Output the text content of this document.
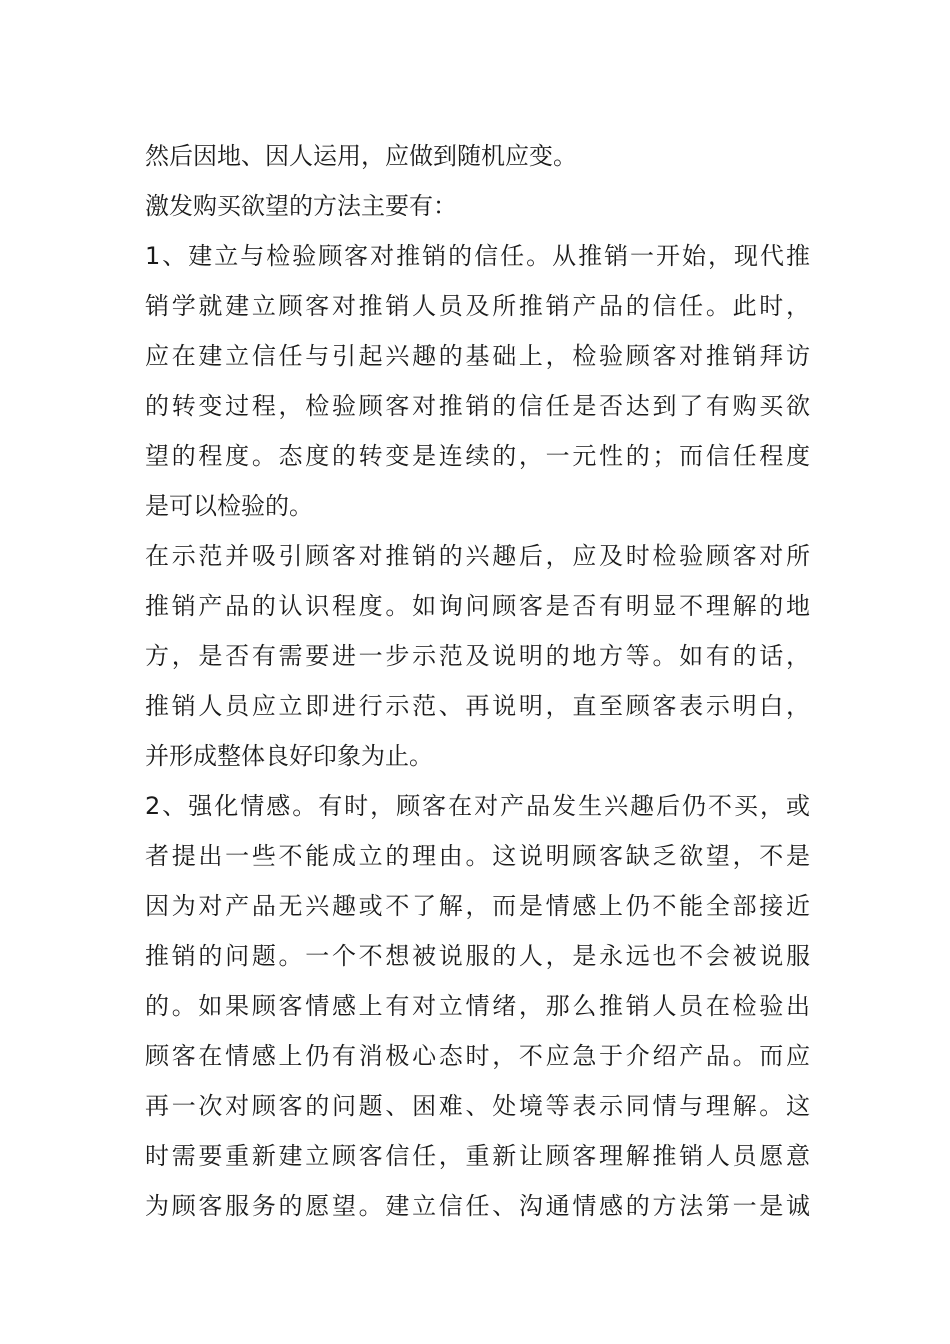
然后因地、因人运用，应做到随机应变。
激发购买欲望的方法主要有：
1、建立与检验顾客对推销的信任。从推销一开始，现代推
销学就建立顾客对推销人员及所推销产品的信任。此时，
应在建立信任与引起兴趣的基础上，检验顾客对推销拜访
的转变过程，检验顾客对推销的信任是否达到了有购买欲
望的程度。态度的转变是连续的，一元性的；而信任程度
是可以检验的。
在示范并吸引顾客对推销的兴趣后，应及时检验顾客对所
推销产品的认识程度。如询问顾客是否有明显不理解的地
方，是否有需要进一步示范及说明的地方等。如有的话，
推销人员应立即进行示范、再说明，直至顾客表示明白，
并形成整体良好印象为止。
2、强化情感。有时，顾客在对产品发生兴趣后仍不买，或
者提出一些不能成立的理由。这说明顾客缺乏欲望，不是
因为对产品无兴趣或不了解，而是情感上仍不能全部接近
推销的问题。一个不想被说服的人，是永远也不会被说服
的。如果顾客情感上有对立情绪，那么推销人员在检验出
顾客在情感上仍有消极心态时，不应急于介绍产品。而应
再一次对顾客的问题、困难、处境等表示同情与理解。这
时需要重新建立顾客信任，重新让顾客理解推销人员愿意
为顾客服务的愿望。建立信任、沟通情感的方法第一是诚
